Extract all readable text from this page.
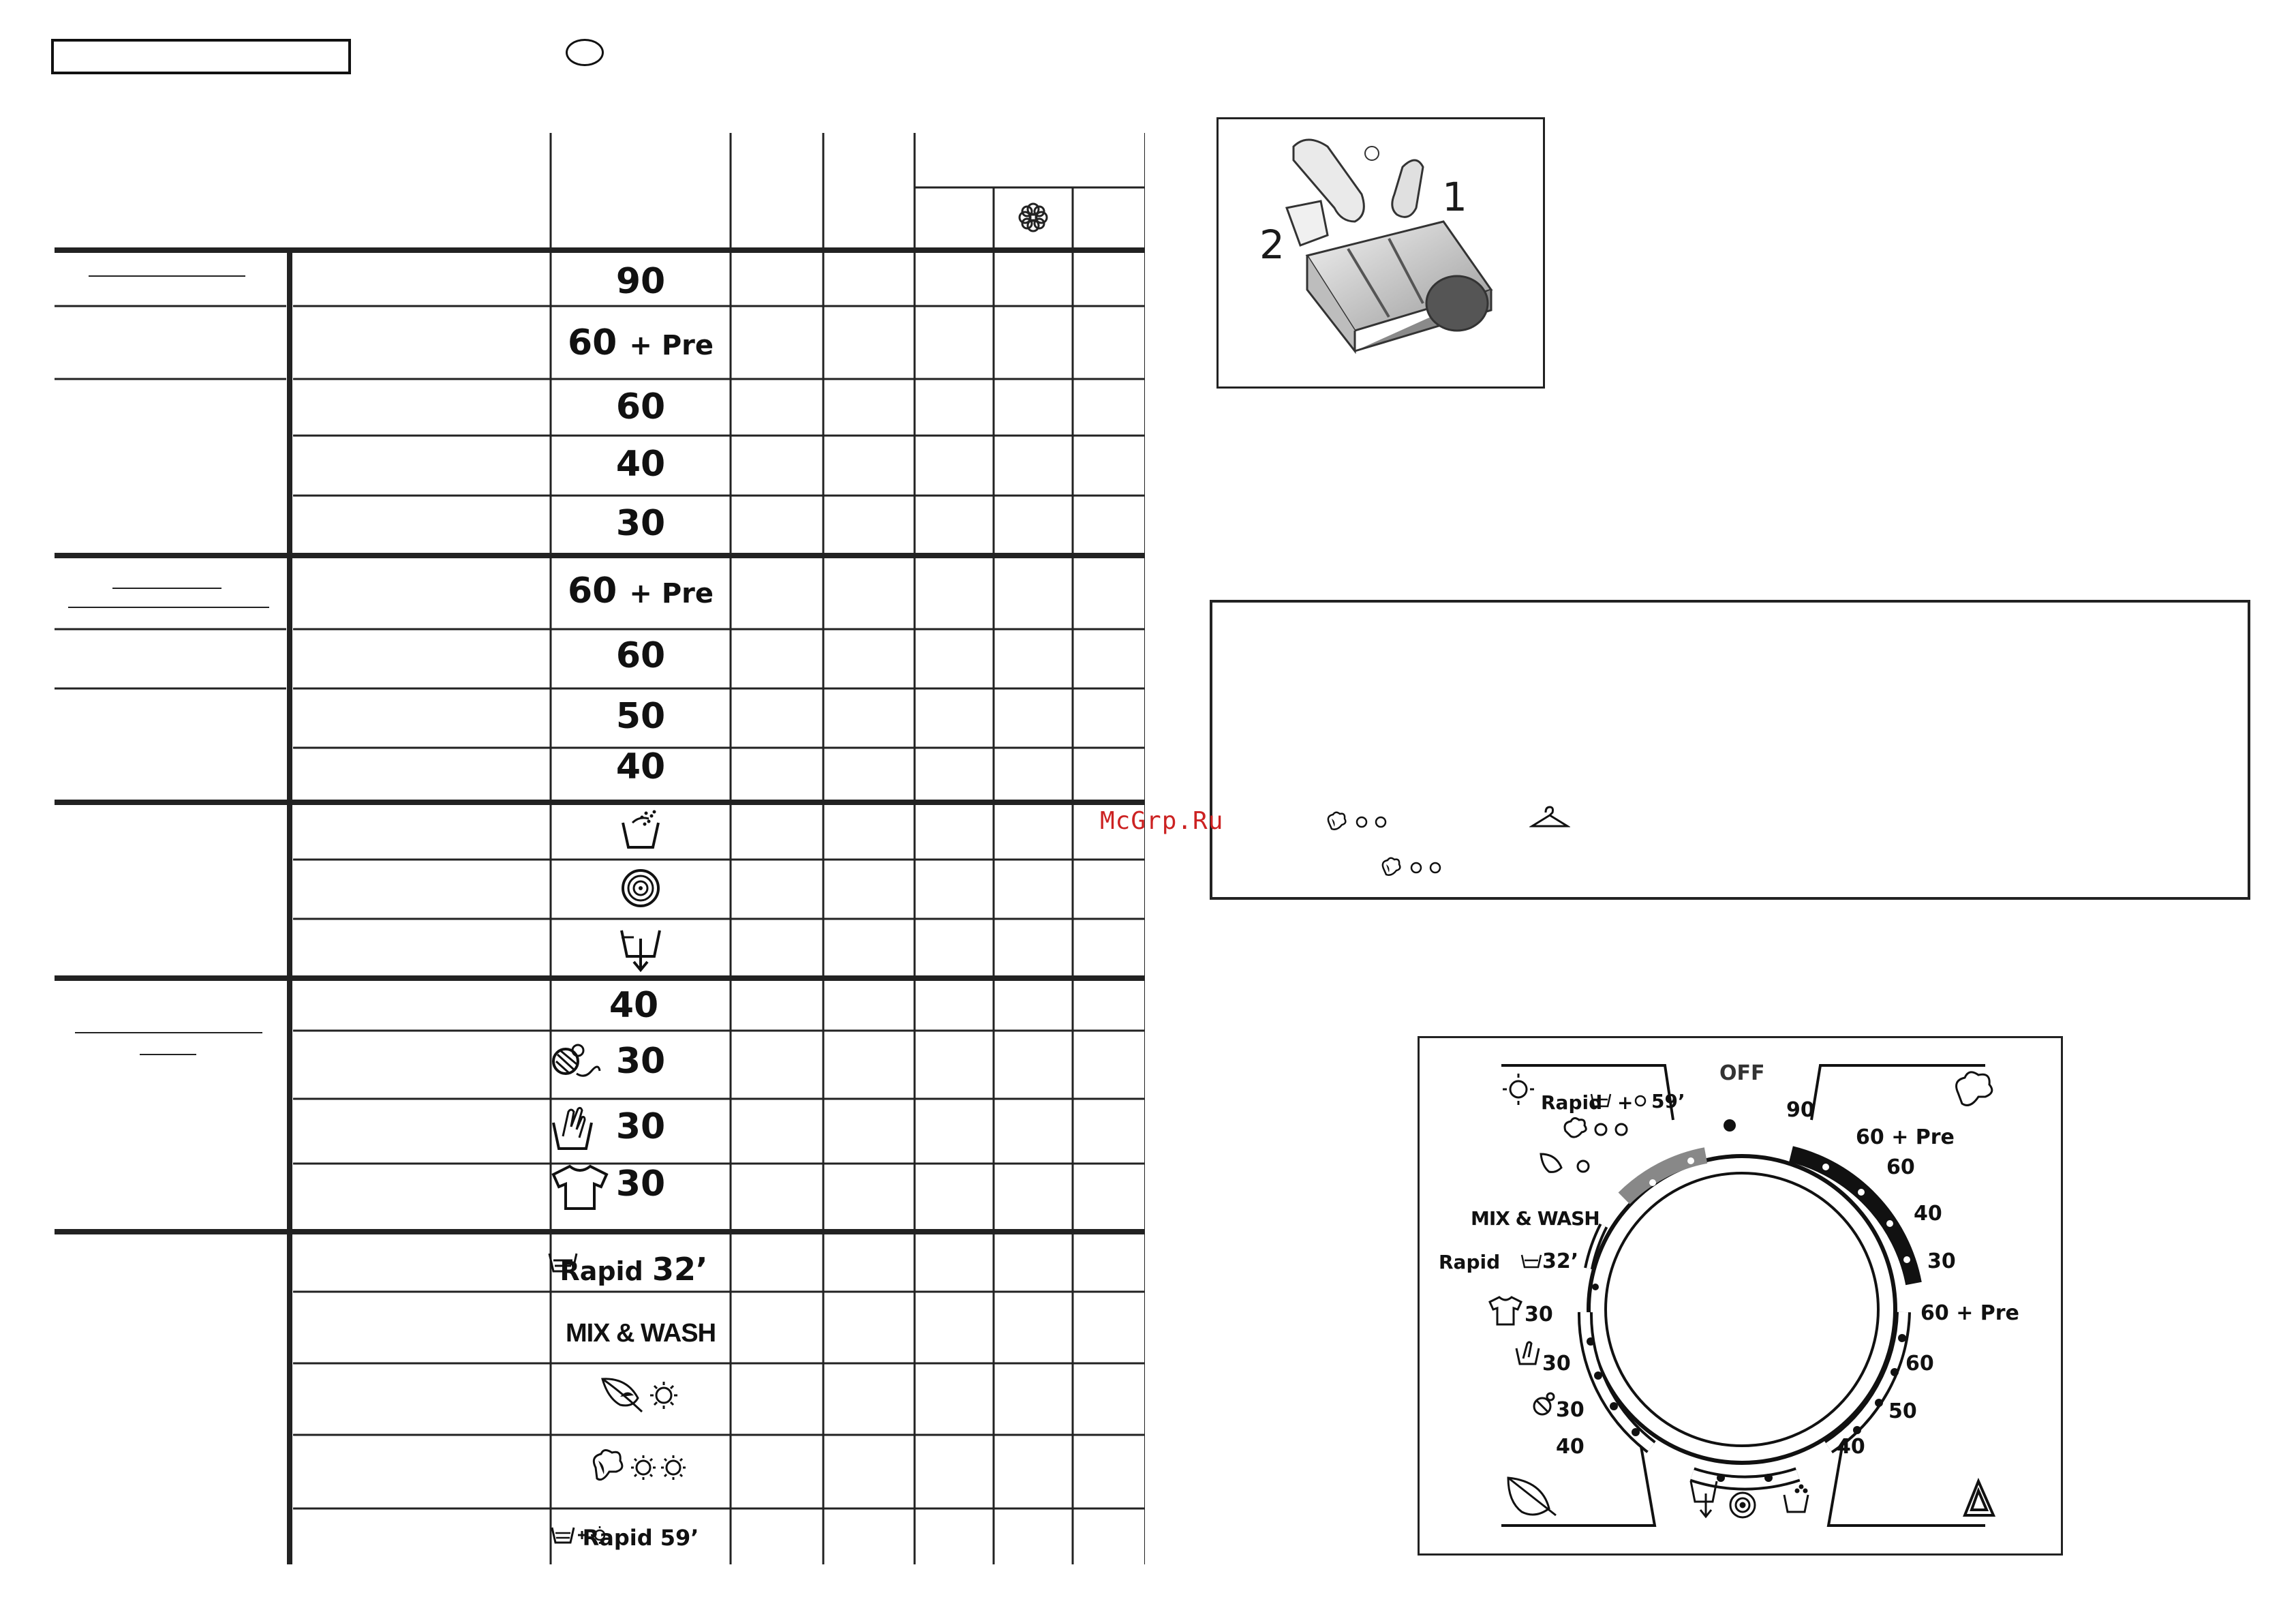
90
60 + Pre
60
40
30
60 + Pre
60
50
40
40
30
30
30
Rapid 32’
MIX & WASH
Rapid 59’
1
2
McGrp.Ru
OFF
Rapid + 59’
MIX & WASH
Rapid 32’
30
30
30
40
90
60 + Pre
60
40
30
60 + Pre
60
50
40
